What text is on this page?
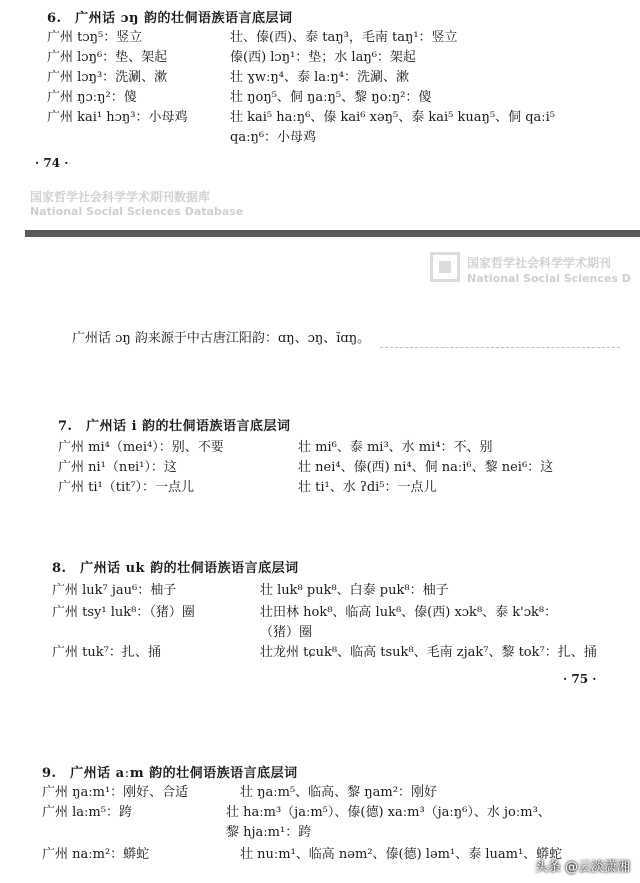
6.　广州话 ɔŋ 韵的壮侗语族语言底层词
广州 tɔŋ⁵：竖立	壮、傣(西)、泰 taŋ³，毛南 taŋ¹：竖立
广州 lɔŋ⁶：垫、架起	傣(西) lɔŋ¹：垫；水 laŋ⁶：架起
广州 lɔŋ³：洗涮、漱	壮 ɣwːŋ⁴、泰 laːŋ⁴：洗涮、漱
广州 ŋɔːŋ²：傻	壮 ŋoŋ⁵、侗 ŋaːŋ⁵、黎 ŋoːŋ²：傻
广州 kai¹ hɔŋ³：小母鸡	壮 kai⁵ haːŋ⁶、傣 kai⁶ xəŋ⁵、泰 kai⁵ kuaŋ⁵、侗 qaːi⁵
qaːŋ⁶：小母鸡
· 74 ·
国家哲学社会科学学术期刊数据库
National Social Sciences Database
国家哲学社会科学学术期刊
National Social Sciences D
广州话 ɔŋ 韵来源于中古唐江阳韵：ɑŋ、ɔŋ、ĭɑŋ。
7.　广州话 i 韵的壮侗语族语言底层词
广州 mi⁴（mei⁴）：别、不要	壮 mi⁶、泰 mi³、水 mi⁴：不、别
广州 ni¹（nɐi¹）：这	壮 nei⁴、傣(西) ni⁴、侗 naːi⁶、黎 nei⁶：这
广州 ti¹（tit⁷）：一点儿	壮 ti¹、水 ʔdi⁵：一点儿
8.　广州话 uk 韵的壮侗语族语言底层词
广州 luk⁷ jau⁶：柚子	壮 luk⁸ puk⁸、白泰 puk⁸：柚子
广州 tsy¹ luk⁸：（猪）圈	壮田林 hok⁸、临高 luk⁸、傣(西) xɔk⁸、泰 k'ɔk⁸：
（猪）圈
广州 tuk⁷：扎、捅	壮龙州 tɕuk⁸、临高 tsuk⁸、毛南 zjak⁷、黎 tok⁷：扎、捅
· 75 ·
9.　广州话 aːm 韵的壮侗语族语言底层词
广州 ŋaːm¹：刚好、合适	壮 ŋaːm⁵、临高、黎 ŋam²：刚好
广州 laːm⁵：跨	壮 haːm³（jaːm⁵）、傣(德) xaːm³（jaːŋ⁶）、水 joːm³、
黎 hjaːm¹：跨
广州 naːm²：蟒蛇	壮 nuːm¹、临高 nəm²、傣(德) ləm¹、泰 luam¹、蟒蛇
头条 @云淡潇湘
